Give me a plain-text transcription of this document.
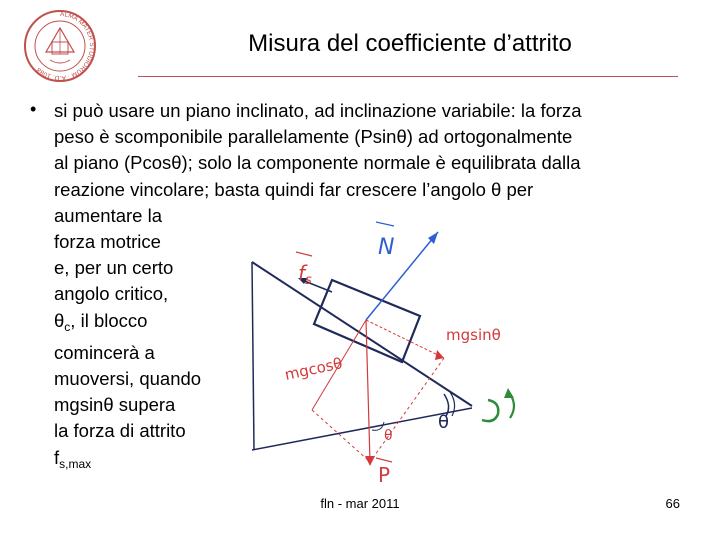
ALMA MATER STUDIORUM · A.D. 1088
Misura del coefficiente d’attrito
• si può usare un piano inclinato, ad inclinazione variabile: la forza
peso è scomponibile parallelamente (Psinθ) ad ortogonalmente
al piano (Pcosθ); solo la componente normale è equilibrata dalla
reazione vincolare; basta quindi far crescere l’angolo θ per
aumentare la
forza motrice
e, per un certo
angolo critico,
$\theta_c$, il blocco
comincerà a
muoversi, quando
mgsinθ supera
la forza di attrito
$f_{s,max}$
N
$f_s$
mgsinθ
mgcosθ
P
θ
θ
fln - mar 2011	66
